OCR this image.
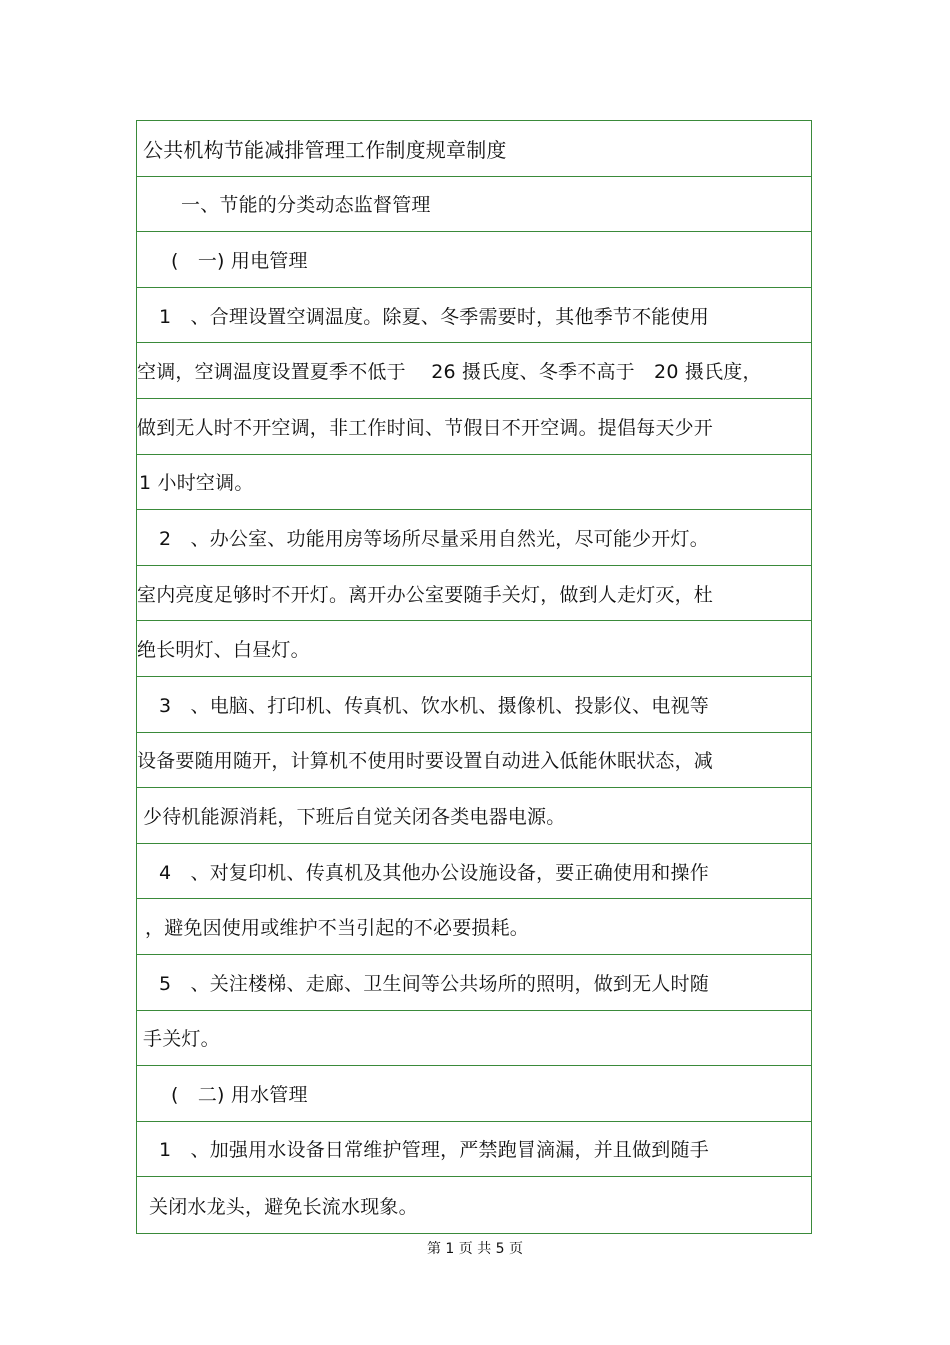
公共机构节能减排管理工作制度规章制度
一、节能的分类动态监督管理
(　一) 用电管理
1　、合理设置空调温度。除夏、冬季需要时，其他季节不能使用
空调，空调温度设置夏季不低于　 26 摄氏度、冬季不高于　20 摄氏度，
做到无人时不开空调，非工作时间、节假日不开空调。提倡每天少开
1 小时空调。
2　、办公室、功能用房等场所尽量采用自然光，尽可能少开灯。
室内亮度足够时不开灯。离开办公室要随手关灯，做到人走灯灭，杜
绝长明灯、白昼灯。
3　、电脑、打印机、传真机、饮水机、摄像机、投影仪、电视等
设备要随用随开，计算机不使用时要设置自动进入低能休眠状态，减
少待机能源消耗，下班后自觉关闭各类电器电源。
4　、对复印机、传真机及其他办公设施设备，要正确使用和操作
，避免因使用或维护不当引起的不必要损耗。
5　、关注楼梯、走廊、卫生间等公共场所的照明，做到无人时随
手关灯。
(　二) 用水管理
1　、加强用水设备日常维护管理，严禁跑冒滴漏，并且做到随手
关闭水龙头，避免长流水现象。
第 1 页 共 5 页
